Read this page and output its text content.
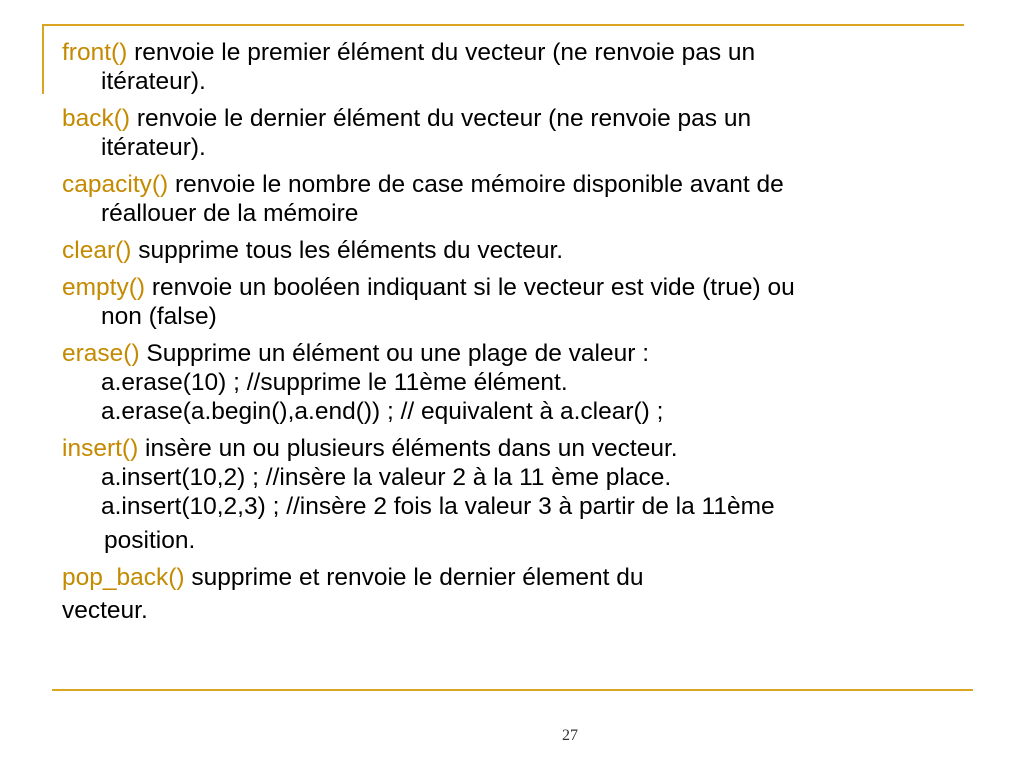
front() renvoie le premier élément du vecteur (ne renvoie pas un
itérateur).
back() renvoie le dernier élément du vecteur (ne renvoie pas un
itérateur).
capacity() renvoie le nombre de case mémoire disponible avant de
réallouer de la mémoire
clear() supprime tous les éléments du vecteur.
empty() renvoie un booléen indiquant si le vecteur est vide (true) ou
non (false)
erase() Supprime un élément ou une plage de valeur :
a.erase(10) ; //supprime le 11ème élément.
a.erase(a.begin(),a.end()) ; // equivalent à a.clear() ;
insert() insère un ou plusieurs éléments dans un vecteur.
a.insert(10,2) ; //insère la valeur 2 à la 11 ème place.
a.insert(10,2,3) ; //insère 2 fois la valeur 3 à partir de la 11ème
position.
pop_back() supprime et renvoie le dernier élement du
vecteur.
27
